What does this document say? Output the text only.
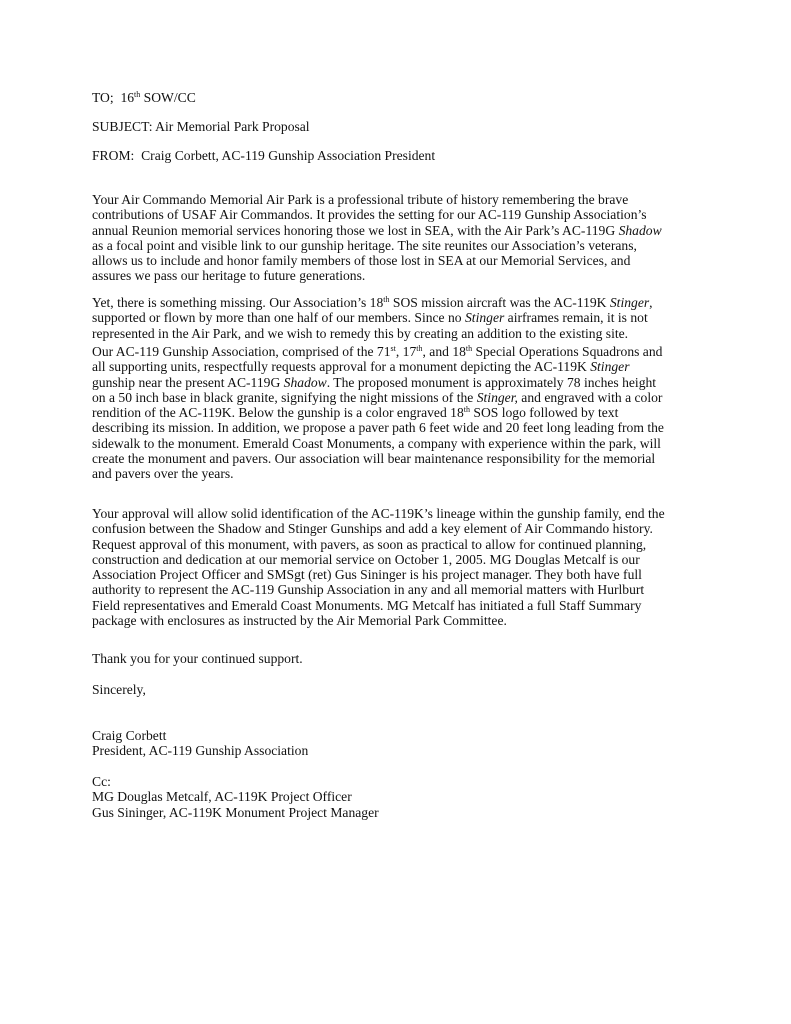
TO; 16th SOW/CC
SUBJECT: Air Memorial Park Proposal
FROM: Craig Corbett, AC-119 Gunship Association President
Your Air Commando Memorial Air Park is a professional tribute of history remembering the brave
contributions of USAF Air Commandos. It provides the setting for our AC-119 Gunship Association’s
annual Reunion memorial services honoring those we lost in SEA, with the Air Park’s AC-119G Shadow
as a focal point and visible link to our gunship heritage. The site reunites our Association’s veterans,
allows us to include and honor family members of those lost in SEA at our Memorial Services, and
assures we pass our heritage to future generations.
Yet, there is something missing. Our Association’s 18th SOS mission aircraft was the AC-119K Stinger,
supported or flown by more than one half of our members. Since no Stinger airframes remain, it is not
represented in the Air Park, and we wish to remedy this by creating an addition to the existing site.
Our AC-119 Gunship Association, comprised of the 71st, 17th, and 18th Special Operations Squadrons and
all supporting units, respectfully requests approval for a monument depicting the AC-119K Stinger
gunship near the present AC-119G Shadow. The proposed monument is approximately 78 inches height
on a 50 inch base in black granite, signifying the night missions of the Stinger, and engraved with a color
rendition of the AC-119K. Below the gunship is a color engraved 18th SOS logo followed by text
describing its mission. In addition, we propose a paver path 6 feet wide and 20 feet long leading from the
sidewalk to the monument. Emerald Coast Monuments, a company with experience within the park, will
create the monument and pavers. Our association will bear maintenance responsibility for the memorial
and pavers over the years.
Your approval will allow solid identification of the AC-119K’s lineage within the gunship family, end the
confusion between the Shadow and Stinger Gunships and add a key element of Air Commando history.
Request approval of this monument, with pavers, as soon as practical to allow for continued planning,
construction and dedication at our memorial service on October 1, 2005. MG Douglas Metcalf is our
Association Project Officer and SMSgt (ret) Gus Sininger is his project manager. They both have full
authority to represent the AC-119 Gunship Association in any and all memorial matters with Hurlburt
Field representatives and Emerald Coast Monuments. MG Metcalf has initiated a full Staff Summary
package with enclosures as instructed by the Air Memorial Park Committee.
Thank you for your continued support.
Sincerely,
Craig Corbett
President, AC-119 Gunship Association
Cc:
MG Douglas Metcalf, AC-119K Project Officer
Gus Sininger, AC-119K Monument Project Manager
